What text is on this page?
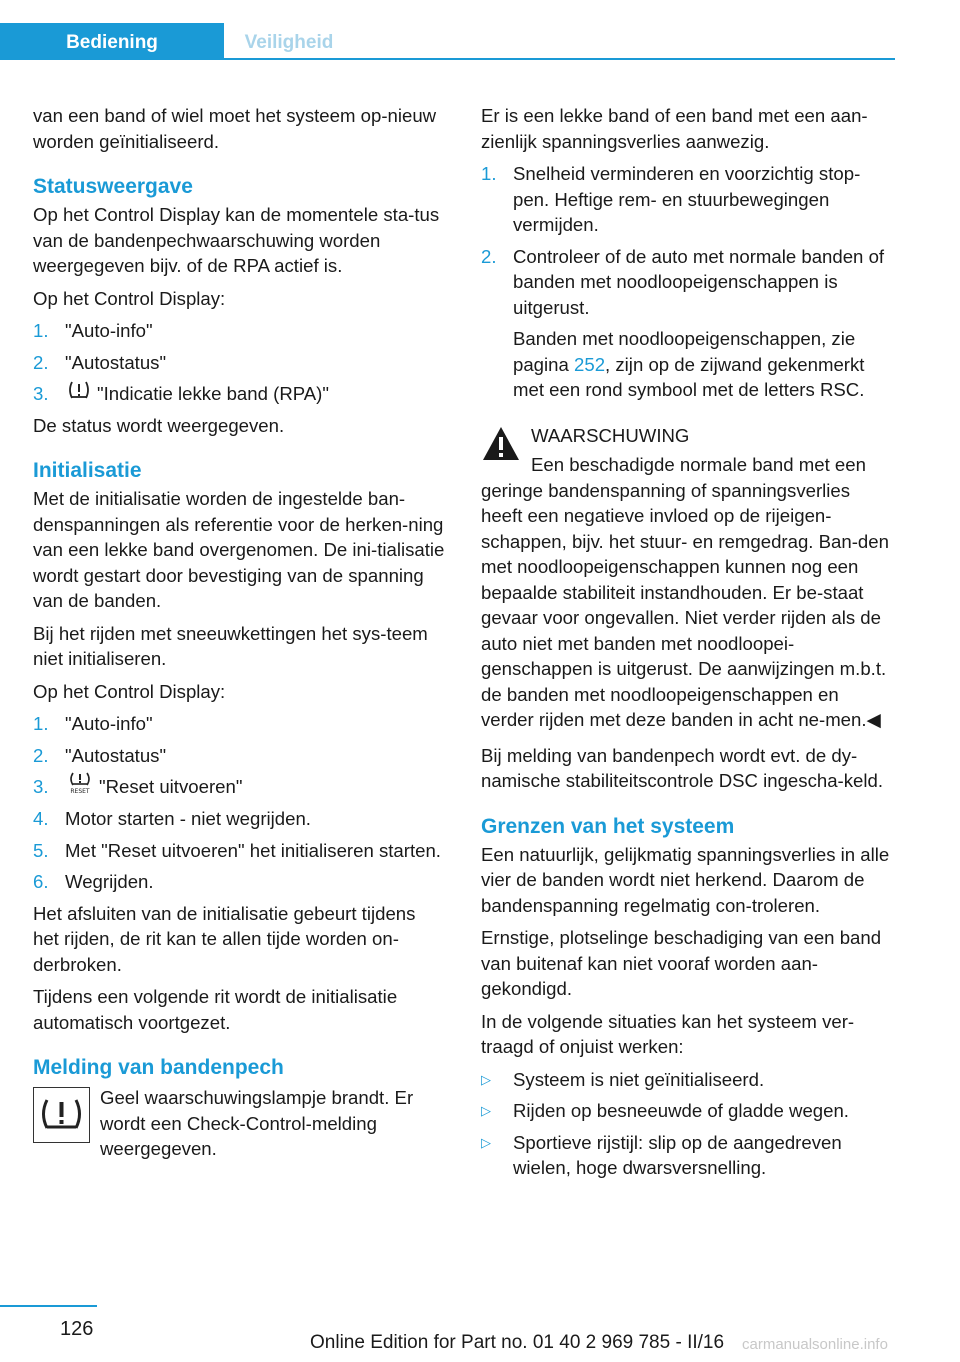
Bediening	Veiligheid

van een band of wiel moet het systeem op-nieuw worden geïnitialiseerd.

Statusweergave

Op het Control Display kan de momentele sta-tus van de bandenpechwaarschuwing worden weergegeven bijv. of de RPA actief is.

Op het Control Display:

1. "Auto-info"
2. "Autostatus"
3.	"Indicatie lekke band (RPA)"

De status wordt weergegeven.

Initialisatie

Met de initialisatie worden de ingestelde ban-denspanningen als referentie voor de herken-ning van een lekke band overgenomen. De ini-tialisatie wordt gestart door bevestiging van de spanning van de banden.

Bij het rijden met sneeuwkettingen het sys-teem niet initialiseren.

Op het Control Display:

1. "Auto-info"
2. "Autostatus"
3.	RESET "Reset uitvoeren"
4. Motor starten - niet wegrijden.
5. Met "Reset uitvoeren" het initialiseren starten.
6. Wegrijden.

Het afsluiten van de initialisatie gebeurt tijdens het rijden, de rit kan te allen tijde worden on-derbroken.

Tijdens een volgende rit wordt de initialisatie automatisch voortgezet.

Melding van bandenpech

Geel waarschuwingslampje brandt. Er wordt een Check-Control-melding weergegeven.

Er is een lekke band of een band met een aan-zienlijk spanningsverlies aanwezig.

1. Snelheid verminderen en voorzichtig stop-pen. Heftige rem- en stuurbewegingen vermijden.
2. Controleer of de auto met normale banden of banden met noodloopeigenschappen is uitgerust.

Banden met noodloopeigenschappen, zie pagina 252, zijn op de zijwand gekenmerkt met een rond symbool met de letters RSC.

WAARSCHUWING

Een beschadigde normale band met een geringe bandenspanning of spanningsverlies heeft een negatieve invloed op de rijeigen-schappen, bijv. het stuur- en remgedrag. Ban-den met noodloopeigenschappen kunnen nog een bepaalde stabiliteit instandhouden. Er be-staat gevaar voor ongevallen. Niet verder rijden als de auto niet met banden met noodloopei-genschappen is uitgerust. De aanwijzingen m.b.t. de banden met noodloopeigenschappen en verder rijden met deze banden in acht ne-men.◀

Bij melding van bandenpech wordt evt. de dy-namische stabiliteitscontrole DSC ingescha-keld.

Grenzen van het systeem

Een natuurlijk, gelijkmatig spanningsverlies in alle vier de banden wordt niet herkend. Daarom de bandenspanning regelmatig con-troleren.

Ernstige, plotselinge beschadiging van een band van buitenaf kan niet vooraf worden aan-gekondigd.

In de volgende situaties kan het systeem ver-traagd of onjuist werken:

▷ Systeem is niet geïnitialiseerd.
▷ Rijden op besneeuwde of gladde wegen.
▷ Sportieve rijstijl: slip op de aangedreven wielen, hoge dwarsversnelling.
126
Online Edition for Part no. 01 40 2 969 785 - II/16 carmanualsonline.info
